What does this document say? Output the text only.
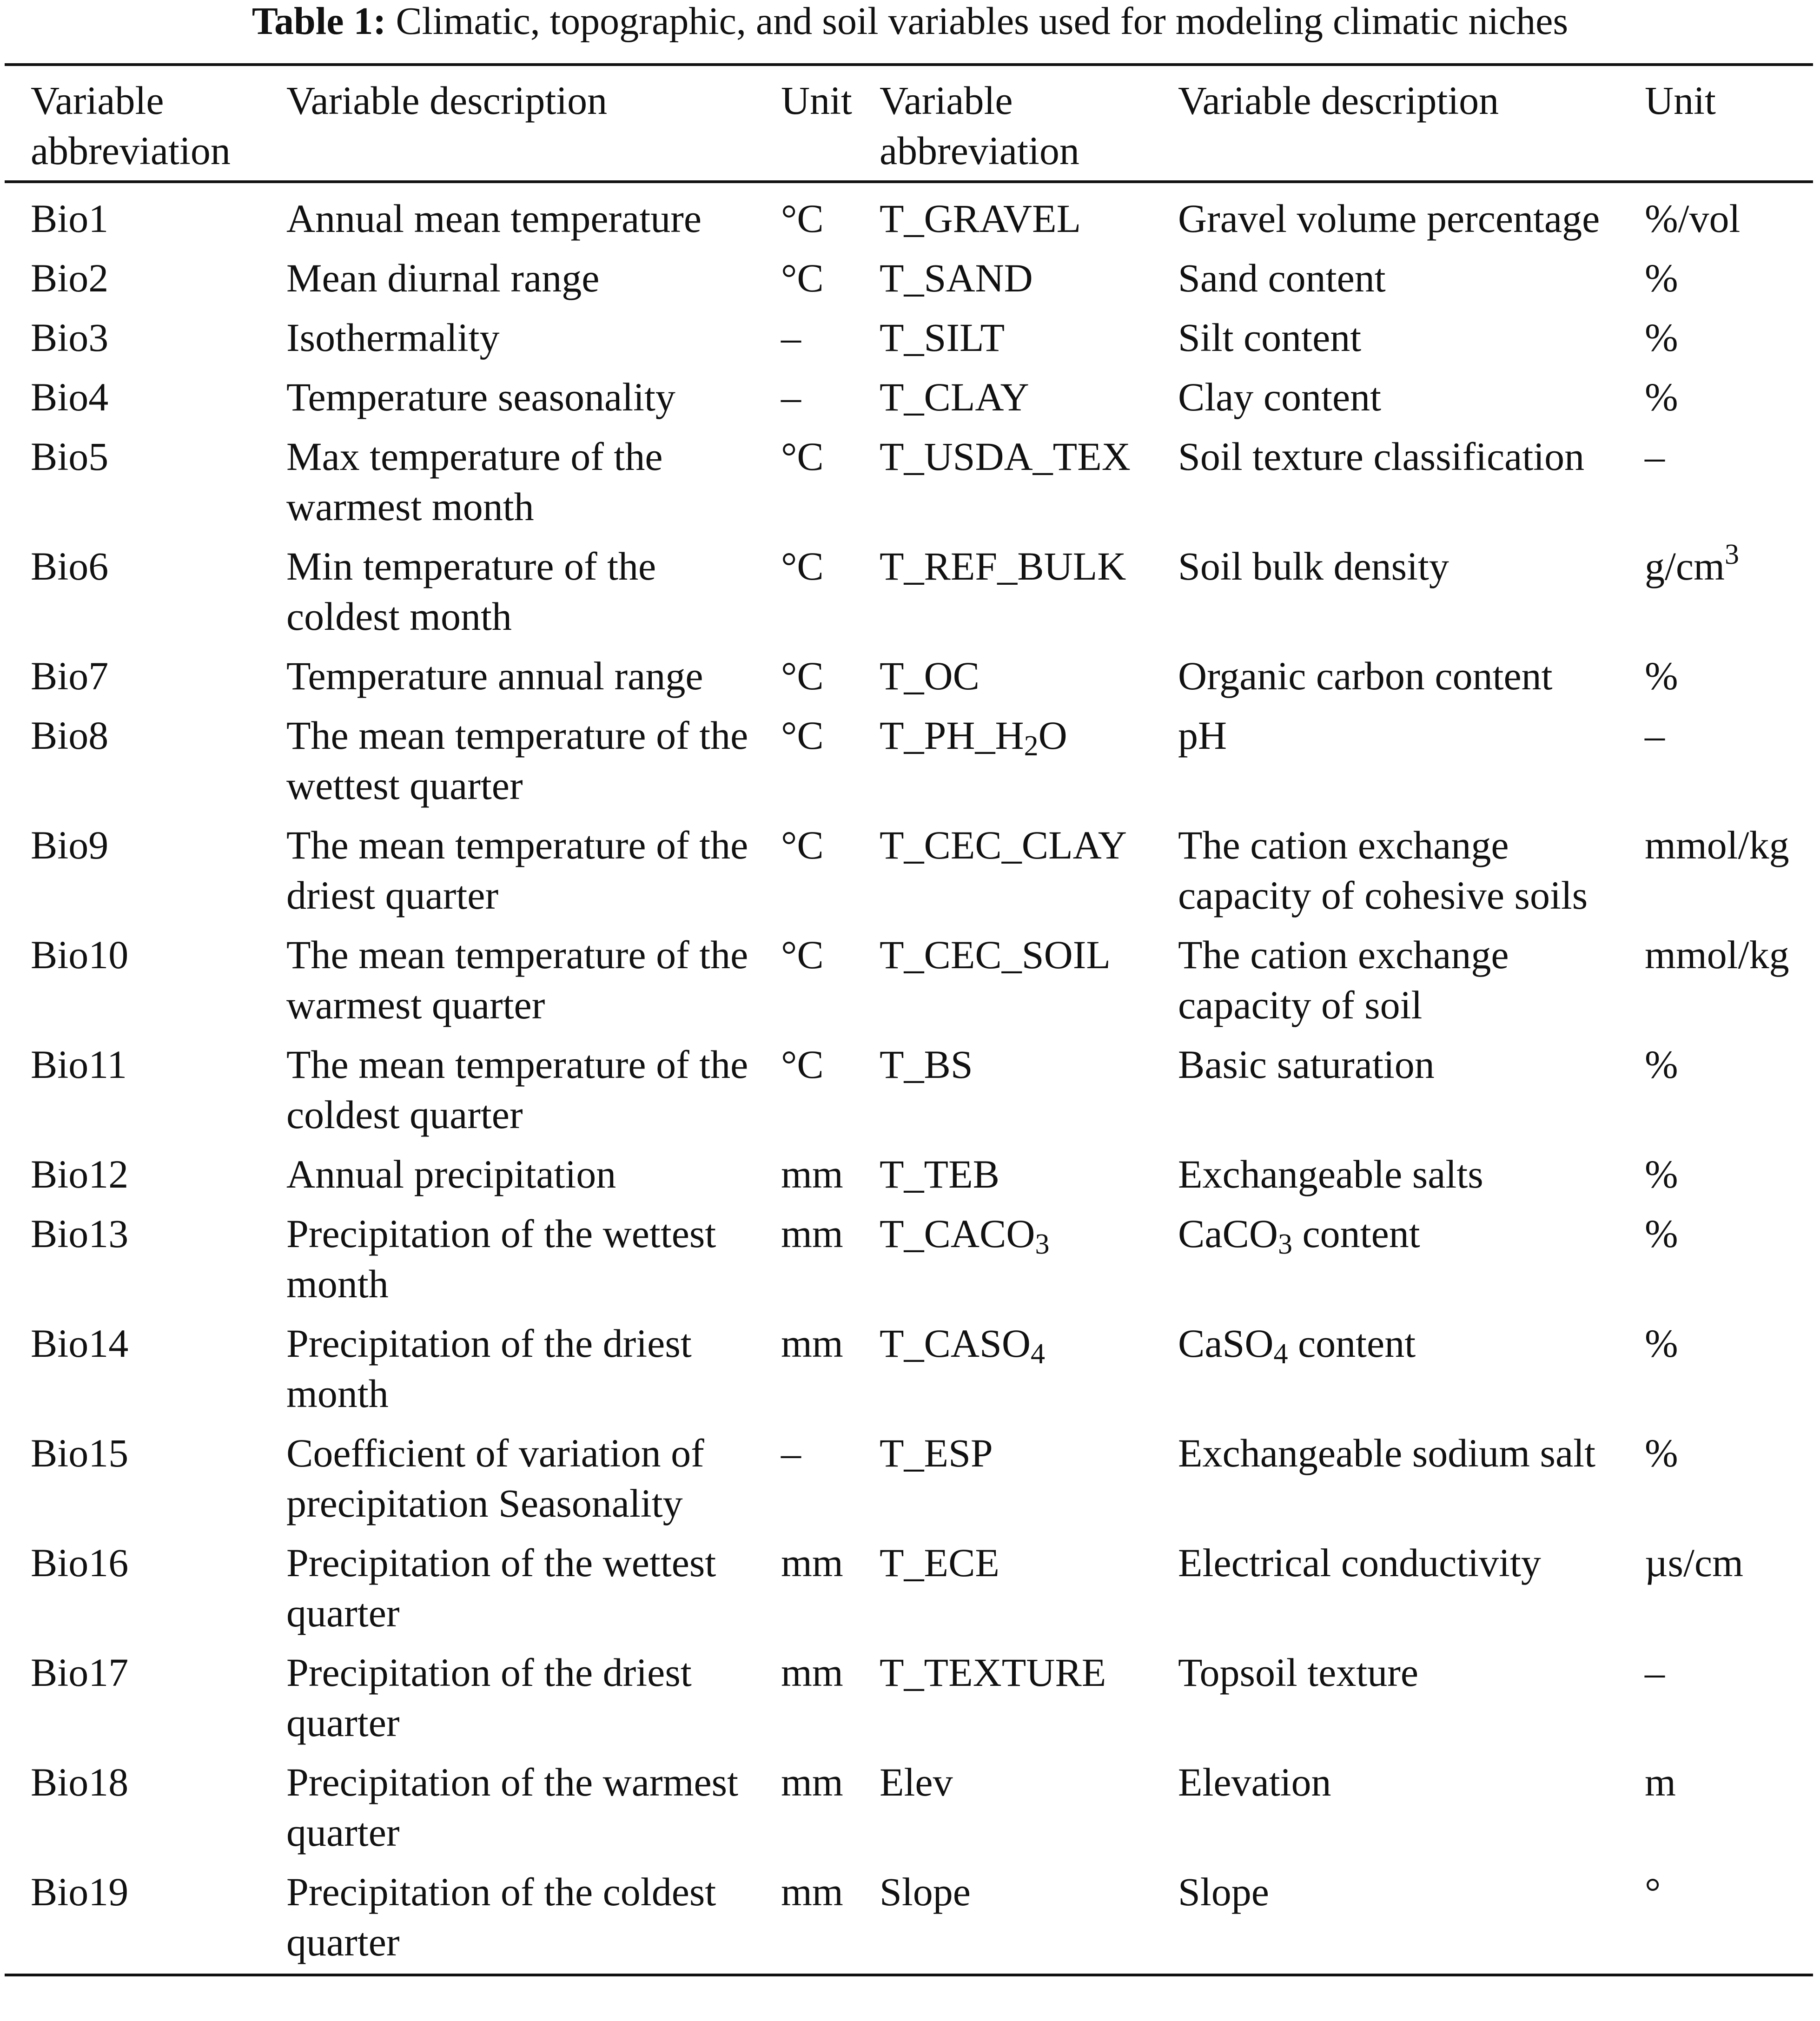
Table 1: Climatic, topographic, and soil variables used for modeling climatic niches
Variable abbreviation	Variable description	Unit	Variable abbreviation	Variable description	Unit
Bio1	Annual mean temperature	°C	T_GRAVEL	Gravel volume percentage	%/vol
Bio2	Mean diurnal range	°C	T_SAND	Sand content	%
Bio3	Isothermality	–	T_SILT	Silt content	%
Bio4	Temperature seasonality	–	T_CLAY	Clay content	%
Bio5	Max temperature of the warmest month	°C	T_USDA_TEX	Soil texture classification	–
Bio6	Min temperature of the coldest month	°C	T_REF_BULK	Soil bulk density	$g/cm^3$
Bio7	Temperature annual range	°C	T_OC	Organic carbon content	%
Bio8	The mean temperature of the wettest quarter	°C	$T\_PH\_H_2O$	pH	–
Bio9	The mean temperature of the driest quarter	°C	T_CEC_CLAY	The cation exchange capacity of cohesive soils	mmol/kg
Bio10	The mean temperature of the warmest quarter	°C	T_CEC_SOIL	The cation exchange capacity of soil	mmol/kg
Bio11	The mean temperature of the coldest quarter	°C	T_BS	Basic saturation	%
Bio12	Annual precipitation	mm	T_TEB	Exchangeable salts	%
Bio13	Precipitation of the wettest month	mm	$T\_CACO_3$	CaCO$_3$ content	%
Bio14	Precipitation of the driest month	mm	$T\_CASO_4$	CaSO$_4$ content	%
Bio15	Coefficient of variation of precipitation Seasonality	–	T_ESP	Exchangeable sodium salt	%
Bio16	Precipitation of the wettest quarter	mm	T_ECE	Electrical conductivity	µs/cm
Bio17	Precipitation of the driest quarter	mm	T_TEXTURE	Topsoil texture	–
Bio18	Precipitation of the warmest quarter	mm	Elev	Elevation	m
Bio19	Precipitation of the coldest quarter	mm	Slope	Slope	°
